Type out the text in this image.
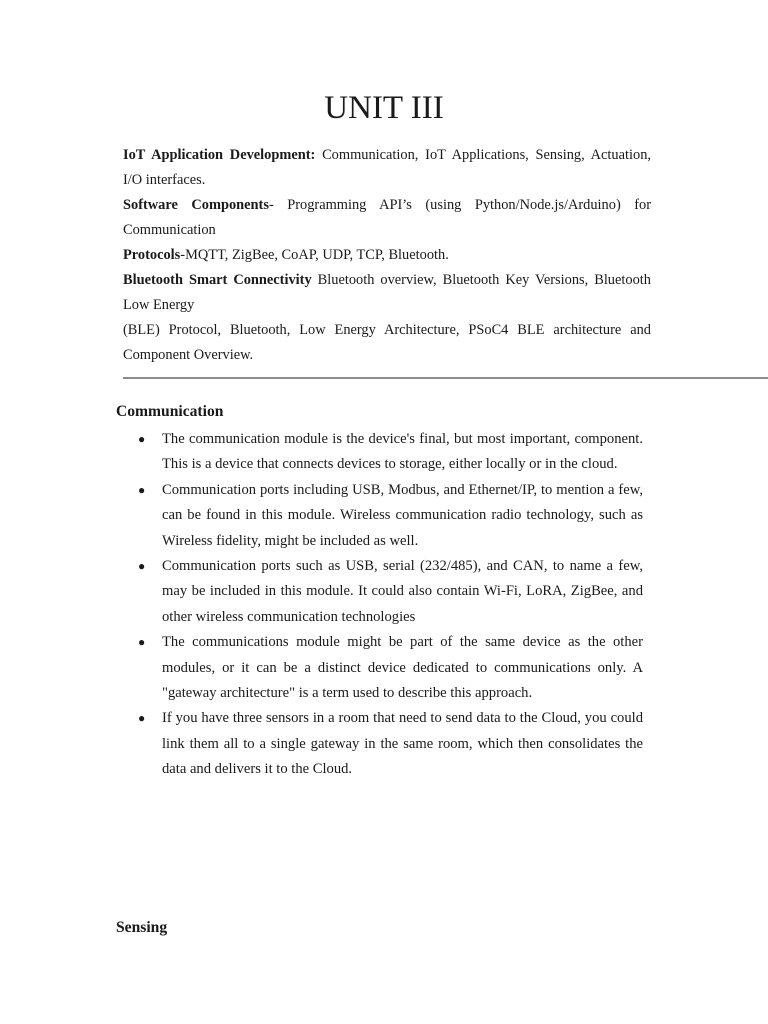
UNIT III

IoT Application Development: Communication, IoT Applications, Sensing, Actuation, I/O interfaces.

Software Components- Programming API’s (using Python/Node.js/Arduino) for Communication

Protocols-MQTT, ZigBee, CoAP, UDP, TCP, Bluetooth.

Bluetooth Smart Connectivity Bluetooth overview, Bluetooth Key Versions, Bluetooth Low Energy

(BLE) Protocol, Bluetooth, Low Energy Architecture, PSoC4 BLE architecture and Component Overview.

Communication
● The communication module is the device's final, but most important, component. This is a device that connects devices to storage, either locally or in the cloud.
● Communication ports including USB, Modbus, and Ethernet/IP, to mention a few, can be found in this module. Wireless communication radio technology, such as Wireless fidelity, might be included as well.
● Communication ports such as USB, serial (232/485), and CAN, to name a few, may be included in this module. It could also contain Wi-Fi, LoRA, ZigBee, and other wireless communication technologies
● The communications module might be part of the same device as the other modules, or it can be a distinct device dedicated to communications only. A "gateway architecture" is a term used to describe this approach.
● If you have three sensors in a room that need to send data to the Cloud, you could link them all to a single gateway in the same room, which then consolidates the data and delivers it to the Cloud.
Sensing
